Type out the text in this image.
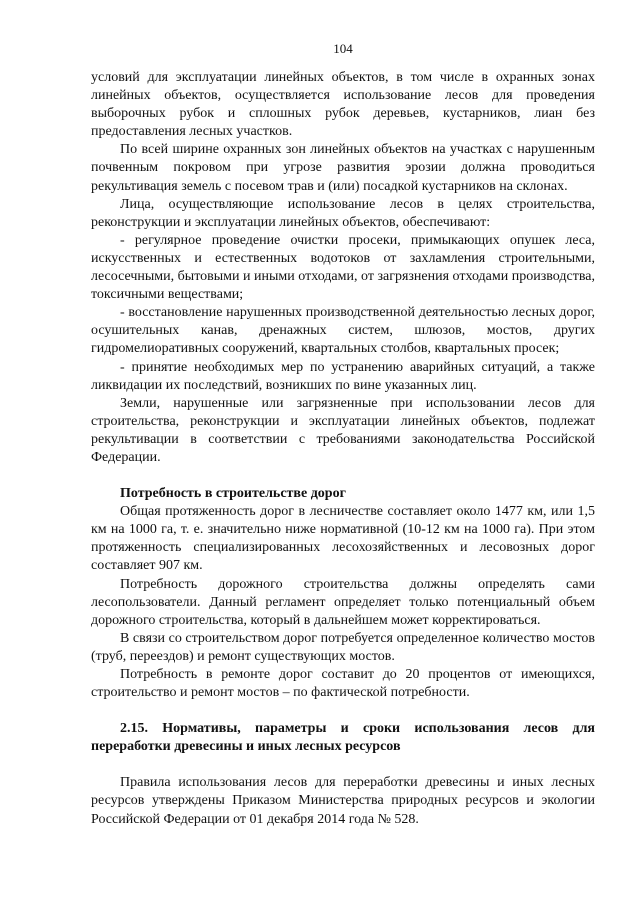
104

условий для эксплуатации линейных объектов, в том числе в охранных зонах линейных объектов, осуществляется использование лесов для проведения выборочных рубок и сплошных рубок деревьев, кустарников, лиан без предоставления лесных участков.

По всей ширине охранных зон линейных объектов на участках с нарушенным почвенным покровом при угрозе развития эрозии должна проводиться рекультивация земель с посевом трав и (или) посадкой кустарников на склонах.

Лица, осуществляющие использование лесов в целях строительства, реконструкции и эксплуатации линейных объектов, обеспечивают:

- регулярное проведение очистки просеки, примыкающих опушек леса, искусственных и естественных водотоков от захламления строительными, лесосечными, бытовыми и иными отходами, от загрязнения отходами производства, токсичными веществами;

- восстановление нарушенных производственной деятельностью лесных дорог, осушительных канав, дренажных систем, шлюзов, мостов, других гидромелиоративных сооружений, квартальных столбов, квартальных просек;

- принятие необходимых мер по устранению аварийных ситуаций, а также ликвидации их последствий, возникших по вине указанных лиц.

Земли, нарушенные или загрязненные при использовании лесов для строительства, реконструкции и эксплуатации линейных объектов, подлежат рекультивации в соответствии с требованиями законодательства Российской Федерации.

Потребность в строительстве дорог

Общая протяженность дорог в лесничестве составляет около 1477 км, или 1,5 км на 1000 га, т. е. значительно ниже нормативной (10-12 км на 1000 га). При этом протяженность специализированных лесохозяйственных и лесовозных дорог составляет 907 км.

Потребность дорожного строительства должны определять сами лесопользователи. Данный регламент определяет только потенциальный объем дорожного строительства, который в дальнейшем может корректироваться.

В связи со строительством дорог потребуется определенное количество мостов (труб, переездов) и ремонт существующих мостов.

Потребность в ремонте дорог составит до 20 процентов от имеющихся, строительство и ремонт мостов – по фактической потребности.

2.15. Нормативы, параметры и сроки использования лесов для переработки древесины и иных лесных ресурсов

Правила использования лесов для переработки древесины и иных лесных ресурсов утверждены Приказом Министерства природных ресурсов и экологии Российской Федерации от 01 декабря 2014 года № 528.
